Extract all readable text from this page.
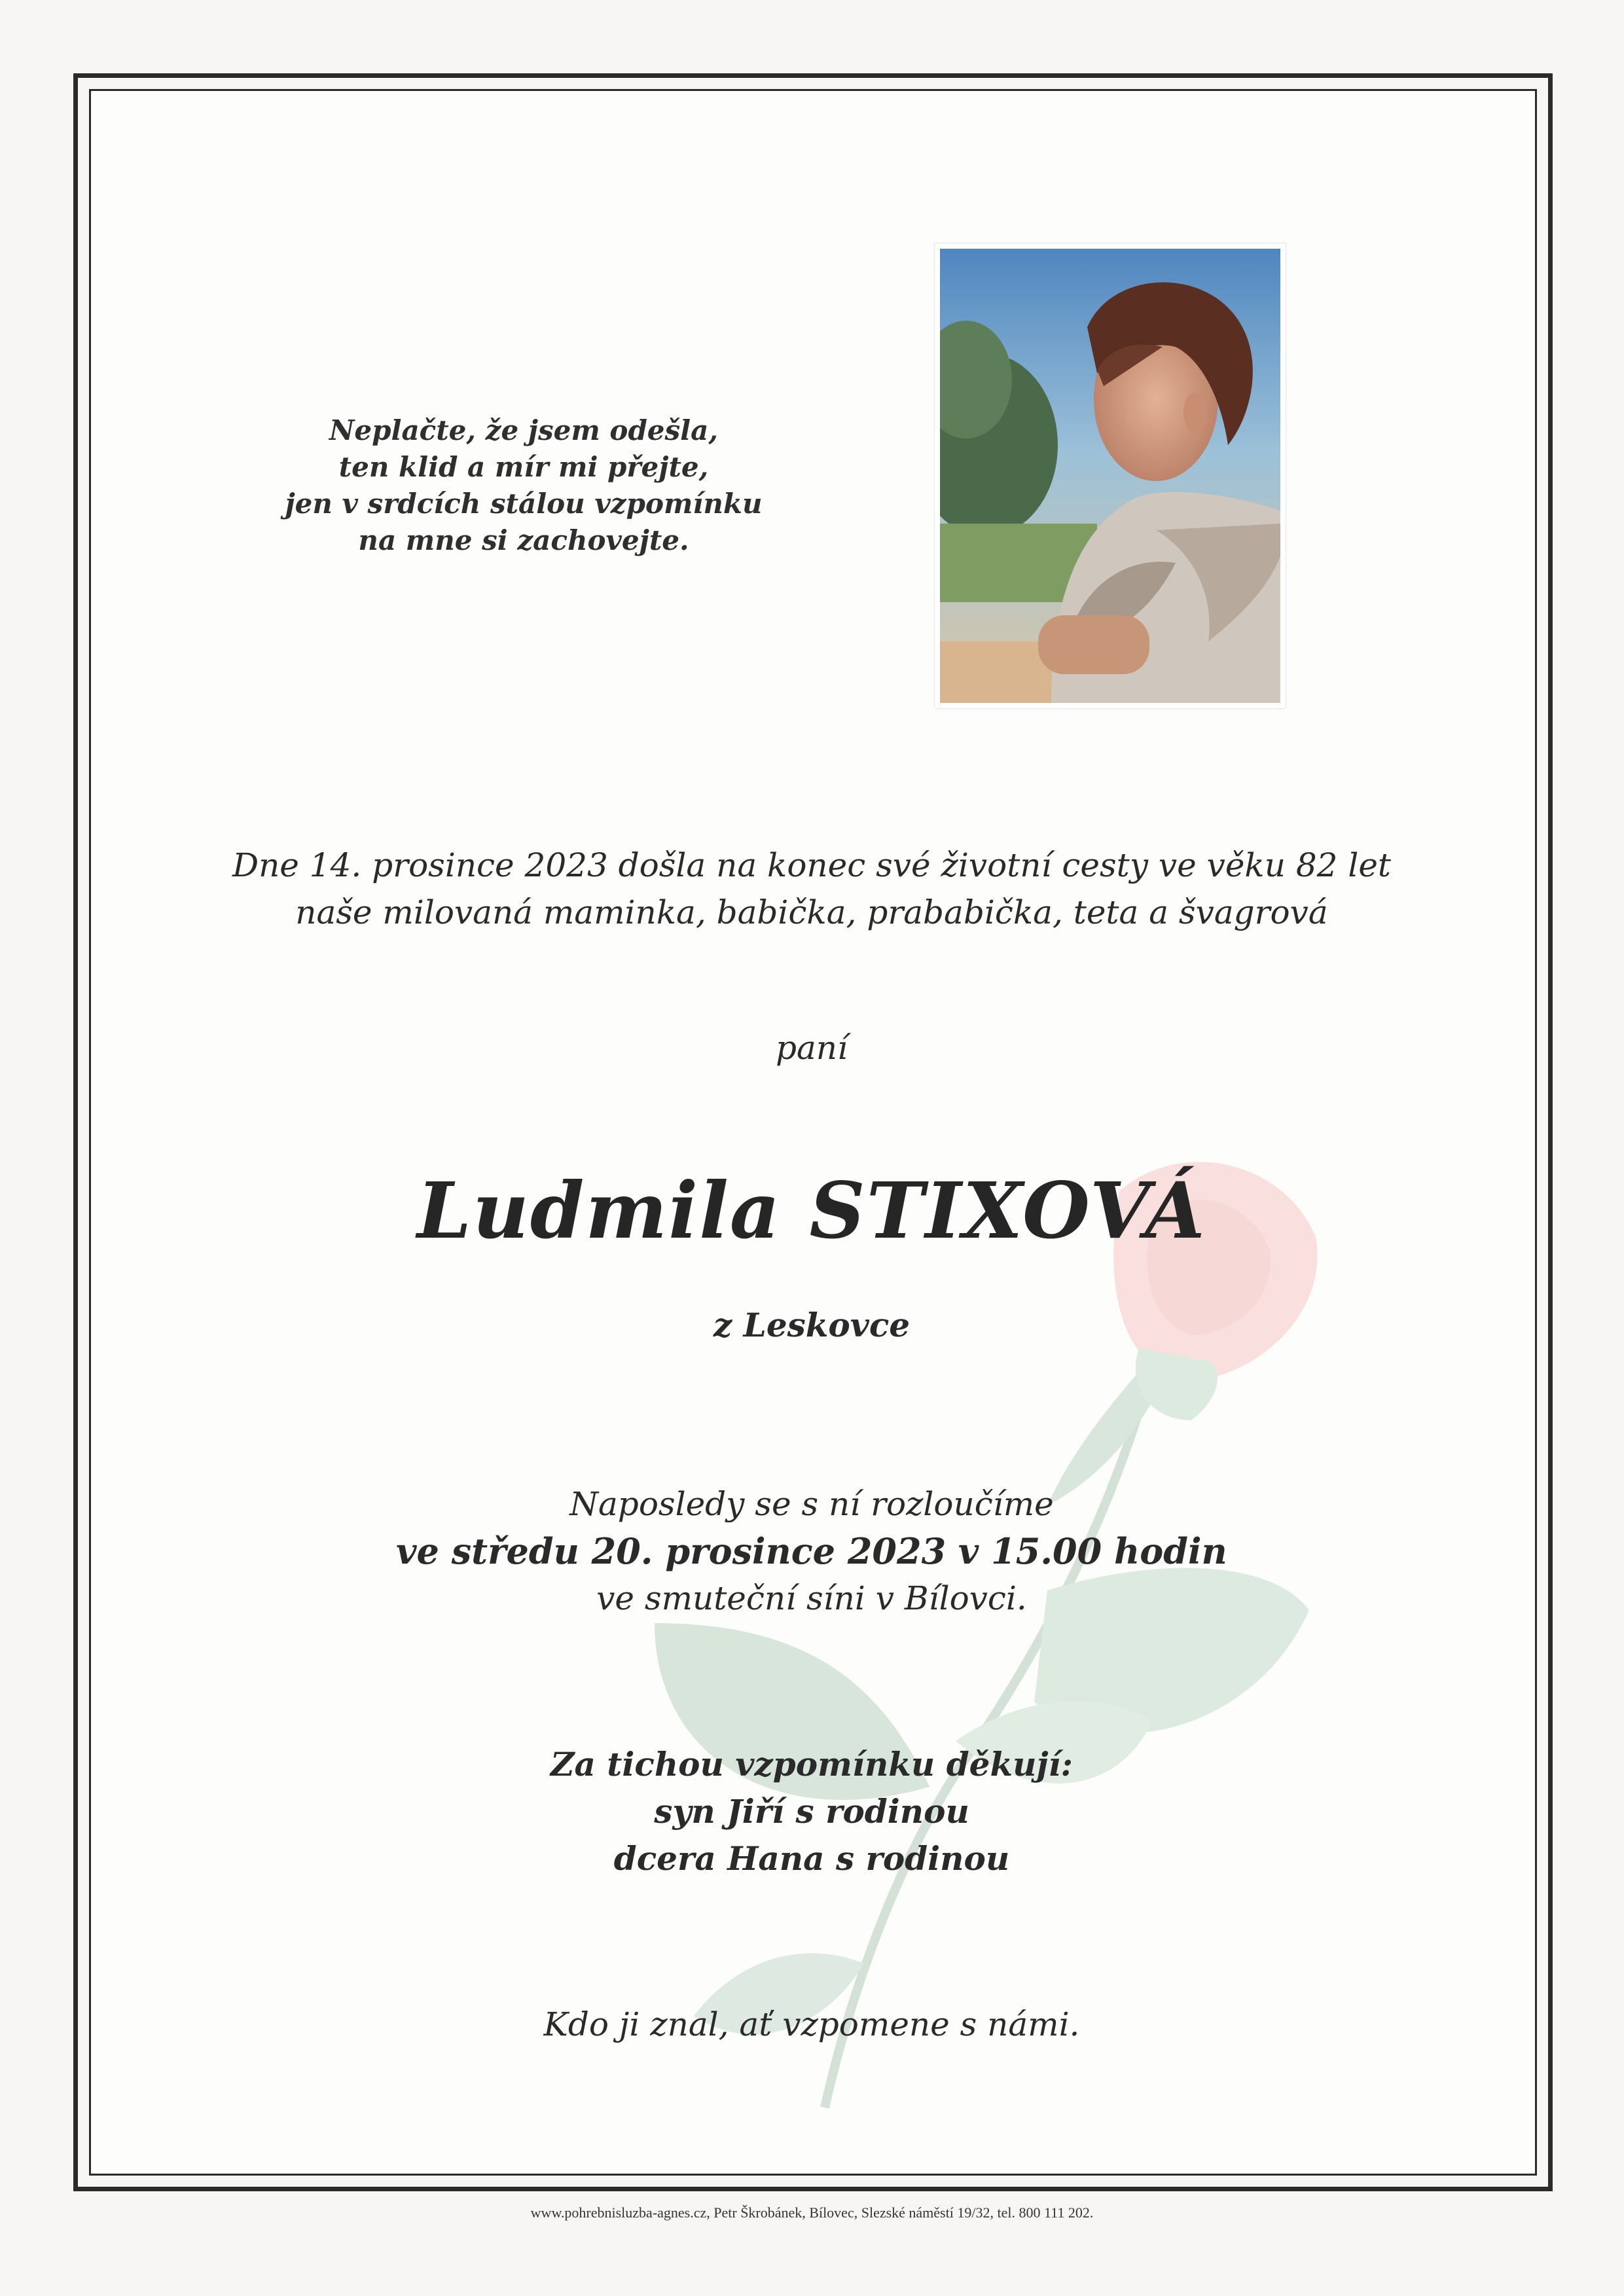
Neplačte, že jsem odešla,
ten klid a mír mi přejte,
jen v srdcích stálou vzpomínku
na mne si zachovejte.
Dne 14. prosince 2023 došla na konec své životní cesty ve věku 82 let
naše milovaná maminka, babička, prababička, teta a švagrová
paní
Ludmila STIXOVÁ
z Leskovce
Naposledy se s ní rozloučíme
ve středu 20. prosince 2023 v 15.00 hodin
ve smuteční síni v Bílovci.
Za tichou vzpomínku děkují:
syn Jiří s rodinou
dcera Hana s rodinou
Kdo ji znal, ať vzpomene s námi.
www.pohrebnisluzba-agnes.cz, Petr Škrobánek, Bílovec, Slezské náměstí 19/32, tel. 800 111 202.
